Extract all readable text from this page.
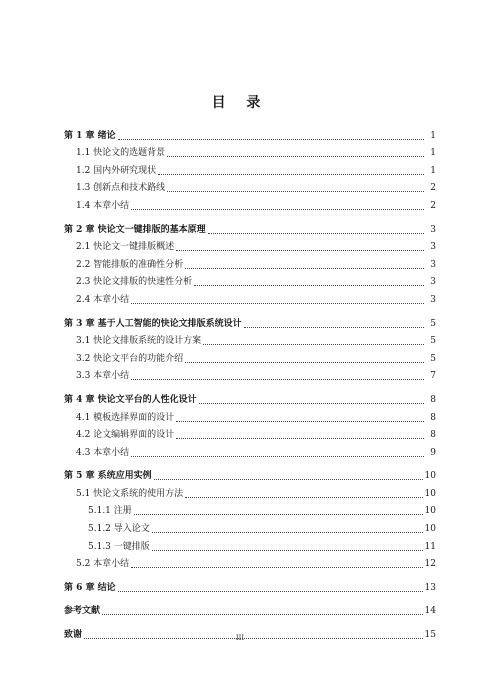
目 录
第 1 章 绪论	1
1.1 快论文的选题背景	1
1.2 国内外研究现状	1
1.3 创新点和技术路线	2
1.4 本章小结	2
第 2 章 快论文一键排版的基本原理	3
2.1 快论文一键排版概述	3
2.2 智能排版的准确性分析	3
2.3 快论文排版的快速性分析	3
2.4 本章小结	3
第 3 章 基于人工智能的快论文排版系统设计	5
3.1 快论文排版系统的设计方案	5
3.2 快论文平台的功能介绍	5
3.3 本章小结	7
第 4 章 快论文平台的人性化设计	8
4.1 模板选择界面的设计	8
4.2 论文编辑界面的设计	8
4.3 本章小结	9
第 5 章 系统应用实例	10
5.1 快论文系统的使用方法	10
5.1.1 注册	10
5.1.2 导入论文	10
5.1.3 一键排版	11
5.2 本章小结	12
第 6 章 结论	13
参考文献	14
致谢	15
III
